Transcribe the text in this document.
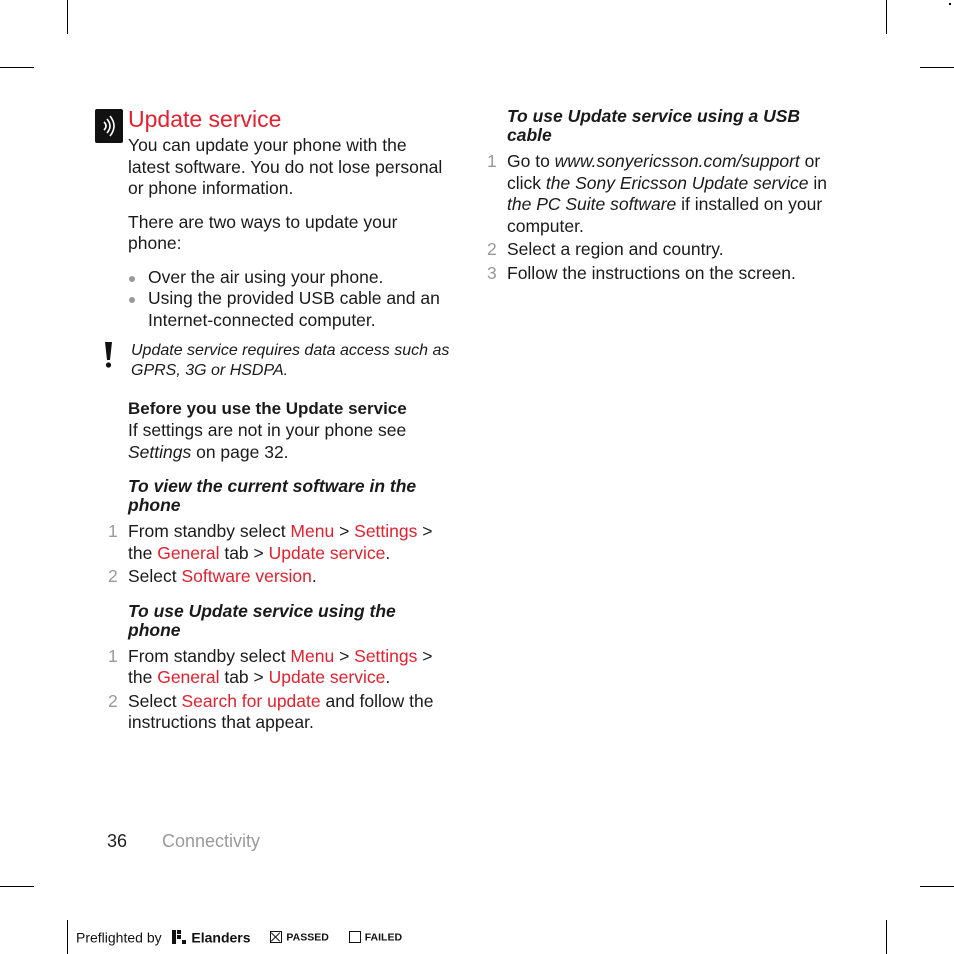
Update service

You can update your phone with the latest software. You do not lose personal or phone information.

There are two ways to update your phone:

Over the air using your phone.
Using the provided USB cable and an Internet-connected computer.

Update service requires data access such as GPRS, 3G or HSDPA.

Before you use the Update service

If settings are not in your phone see Settings on page 32.

To view the current software in the phone

1 From standby select Menu > Settings > the General tab > Update service.
2 Select Software version.

To use Update service using the phone

1 From standby select Menu > Settings > the General tab > Update service.
2 Select Search for update and follow the instructions that appear.

To use Update service using a USB cable

1 Go to www.sonyericsson.com/support or click the Sony Ericsson Update service in the PC Suite software if installed on your computer.
2 Select a region and country.
3 Follow the instructions on the screen.
36 Connectivity
Preflighted by Elanders	PASSED	FAILED
